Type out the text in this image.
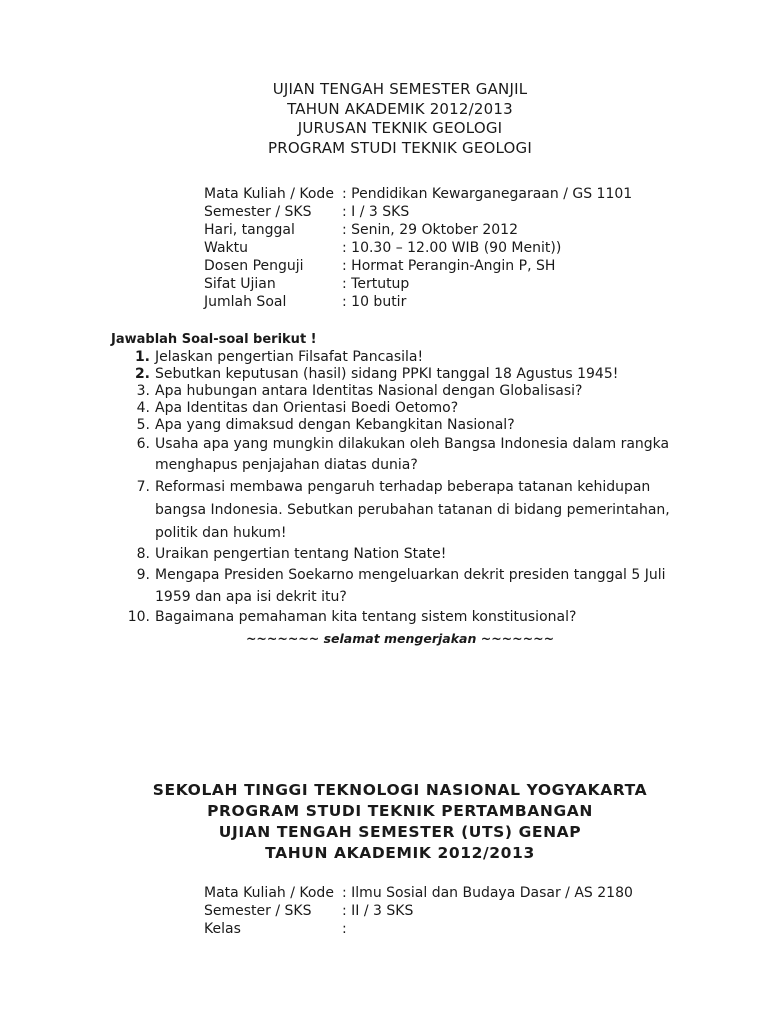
UJIAN TENGAH SEMESTER GANJIL
TAHUN AKADEMIK 2012/2013
JURUSAN TEKNIK GEOLOGI
PROGRAM STUDI TEKNIK GEOLOGI
Mata Kuliah / Kode : Pendidikan Kewarganegaraan / GS 1101
Semester / SKS	: I / 3 SKS
Hari, tanggal	: Senin, 29 Oktober 2012
Waktu	: 10.30 – 12.00 WIB (90 Menit))
Dosen Penguji	: Hormat Perangin-Angin P, SH
Sifat Ujian	: Tertutup
Jumlah Soal	: 10 butir
Jawablah Soal-soal berikut !
1. Jelaskan pengertian Filsafat Pancasila!
2. Sebutkan keputusan (hasil) sidang PPKI tanggal 18 Agustus 1945!
3. Apa hubungan antara Identitas Nasional dengan Globalisasi?
4. Apa Identitas dan Orientasi Boedi Oetomo?
5. Apa yang dimaksud dengan Kebangkitan Nasional?
6. Usaha apa yang mungkin dilakukan oleh Bangsa Indonesia dalam rangka
menghapus penjajahan diatas dunia?
7. Reformasi membawa pengaruh terhadap beberapa tatanan kehidupan
bangsa Indonesia. Sebutkan perubahan tatanan di bidang pemerintahan,
politik dan hukum!
8. Uraikan pengertian tentang Nation State!
9. Mengapa Presiden Soekarno mengeluarkan dekrit presiden tanggal 5 Juli
1959 dan apa isi dekrit itu?
10. Bagaimana pemahaman kita tentang sistem konstitusional?
~~~~~~~ selamat mengerjakan ~~~~~~~
SEKOLAH TINGGI TEKNOLOGI NASIONAL YOGYAKARTA
PROGRAM STUDI TEKNIK PERTAMBANGAN
UJIAN TENGAH SEMESTER (UTS) GENAP
TAHUN AKADEMIK 2012/2013
Mata Kuliah / Kode : Ilmu Sosial dan Budaya Dasar / AS 2180
Semester / SKS	: II / 3 SKS
Kelas	:
